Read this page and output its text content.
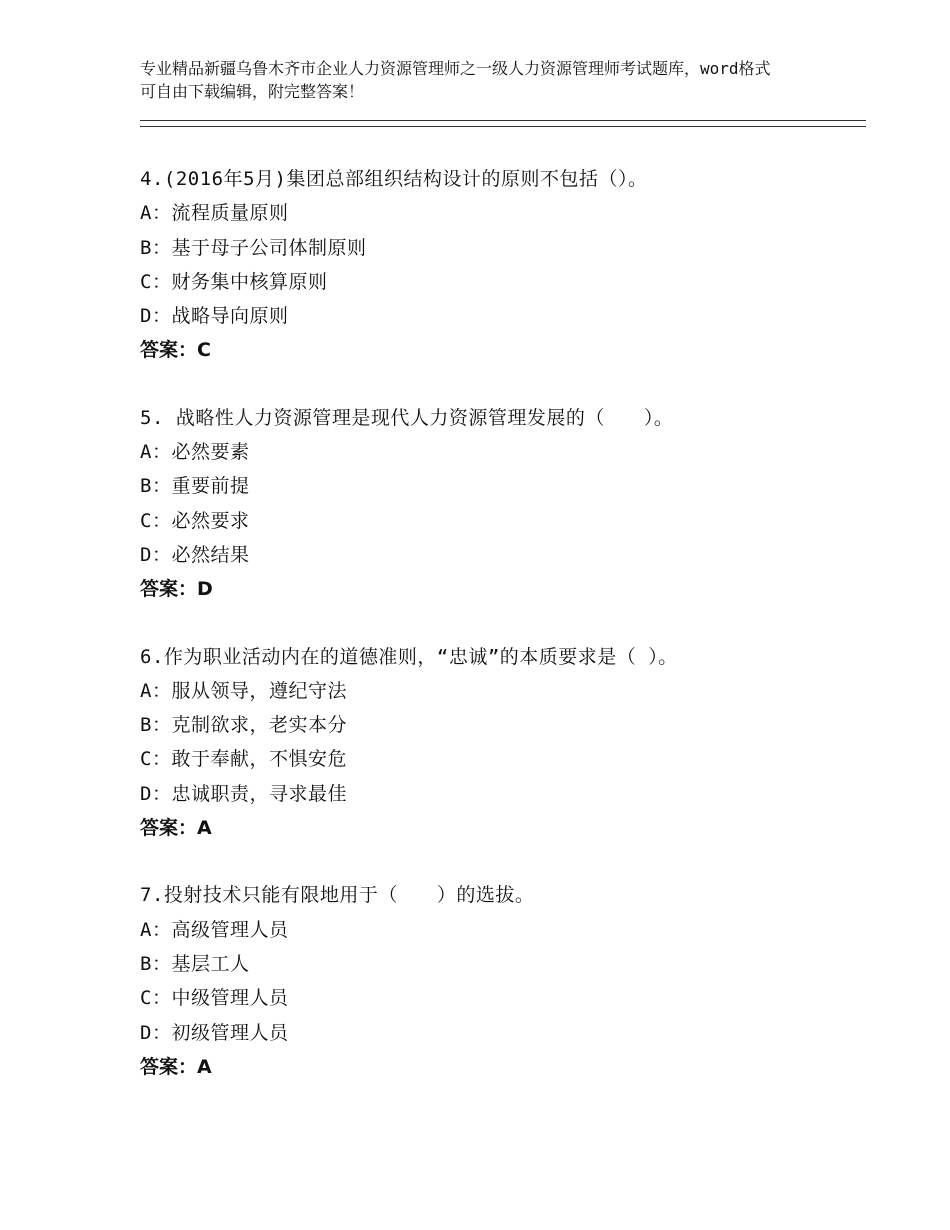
专业精品新疆乌鲁木齐市企业人力资源管理师之一级人力资源管理师考试题库，word格式可自由下载编辑，附完整答案！
4.(2016年5月)集团总部组织结构设计的原则不包括（）。
A：流程质量原则
B：基于母子公司体制原则
C：财务集中核算原则
D：战略导向原则
答案：C
5. 战略性人力资源管理是现代人力资源管理发展的（　　）。
A：必然要素
B：重要前提
C：必然要求
D：必然结果
答案：D
6.作为职业活动内在的道德准则，“忠诚”的本质要求是（ ）。
A：服从领导，遵纪守法
B：克制欲求，老实本分
C：敢于奉献，不惧安危
D：忠诚职责，寻求最佳
答案：A
7.投射技术只能有限地用于（　　）的选拔。
A：高级管理人员
B：基层工人
C：中级管理人员
D：初级管理人员
答案：A
